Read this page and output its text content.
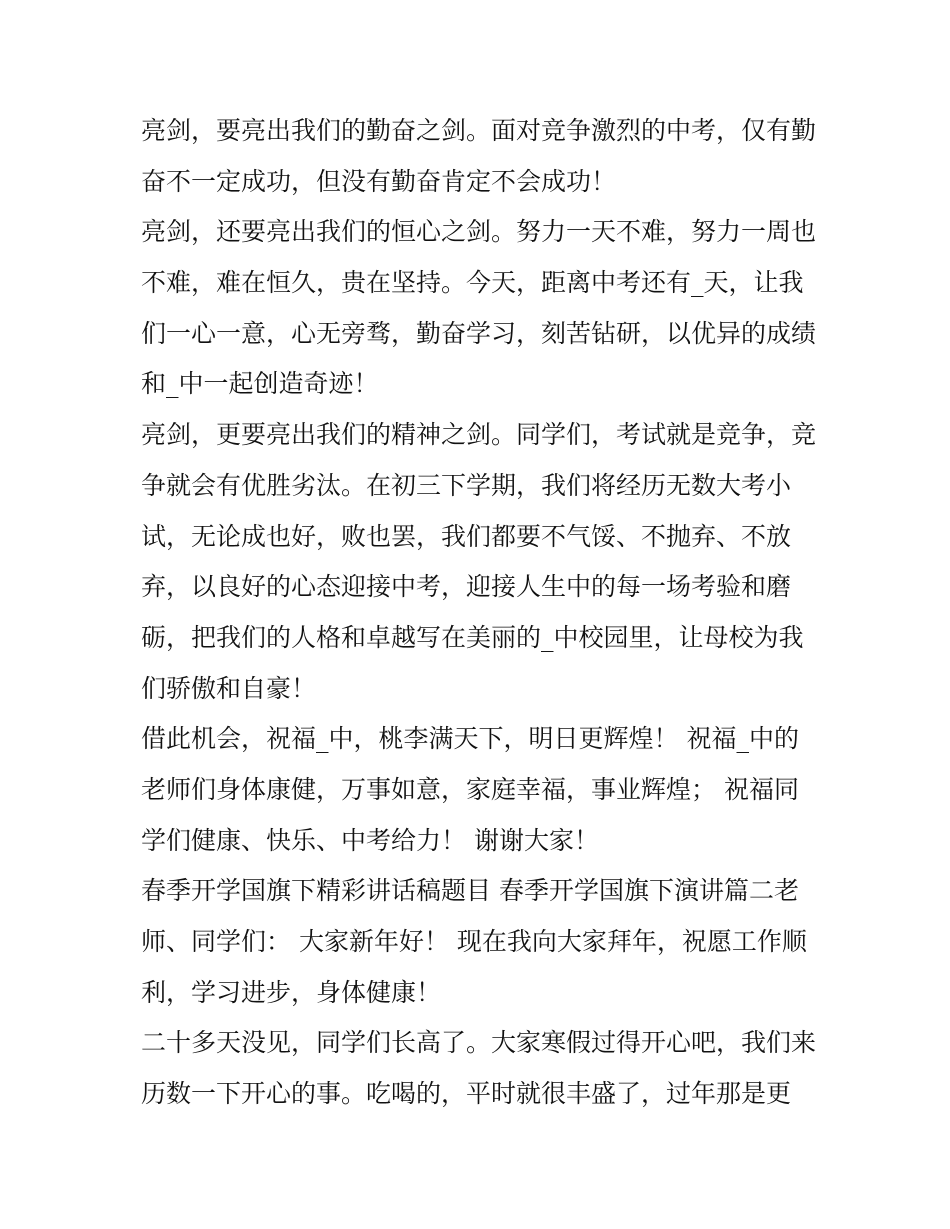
亮剑，要亮出我们的勤奋之剑。面对竞争激烈的中考，仅有勤
奋不一定成功，但没有勤奋肯定不会成功！
亮剑，还要亮出我们的恒心之剑。努力一天不难，努力一周也
不难，难在恒久，贵在坚持。今天，距离中考还有_天，让我
们一心一意，心无旁骛，勤奋学习，刻苦钻研，以优异的成绩
和_中一起创造奇迹！
亮剑，更要亮出我们的精神之剑。同学们，考试就是竞争，竞
争就会有优胜劣汰。在初三下学期，我们将经历无数大考小
试，无论成也好，败也罢，我们都要不气馁、不抛弃、不放
弃，以良好的心态迎接中考，迎接人生中的每一场考验和磨
砺，把我们的人格和卓越写在美丽的_中校园里，让母校为我
们骄傲和自豪！
借此机会，祝福_中，桃李满天下，明日更辉煌！ 祝福_中的
老师们身体康健，万事如意，家庭幸福，事业辉煌； 祝福同
学们健康、快乐、中考给力！ 谢谢大家！
春季开学国旗下精彩讲话稿题目 春季开学国旗下演讲篇二老
师、同学们： 大家新年好！ 现在我向大家拜年，祝愿工作顺
利，学习进步，身体健康！
二十多天没见，同学们长高了。大家寒假过得开心吧，我们来
历数一下开心的事。吃喝的，平时就很丰盛了，过年那是更
